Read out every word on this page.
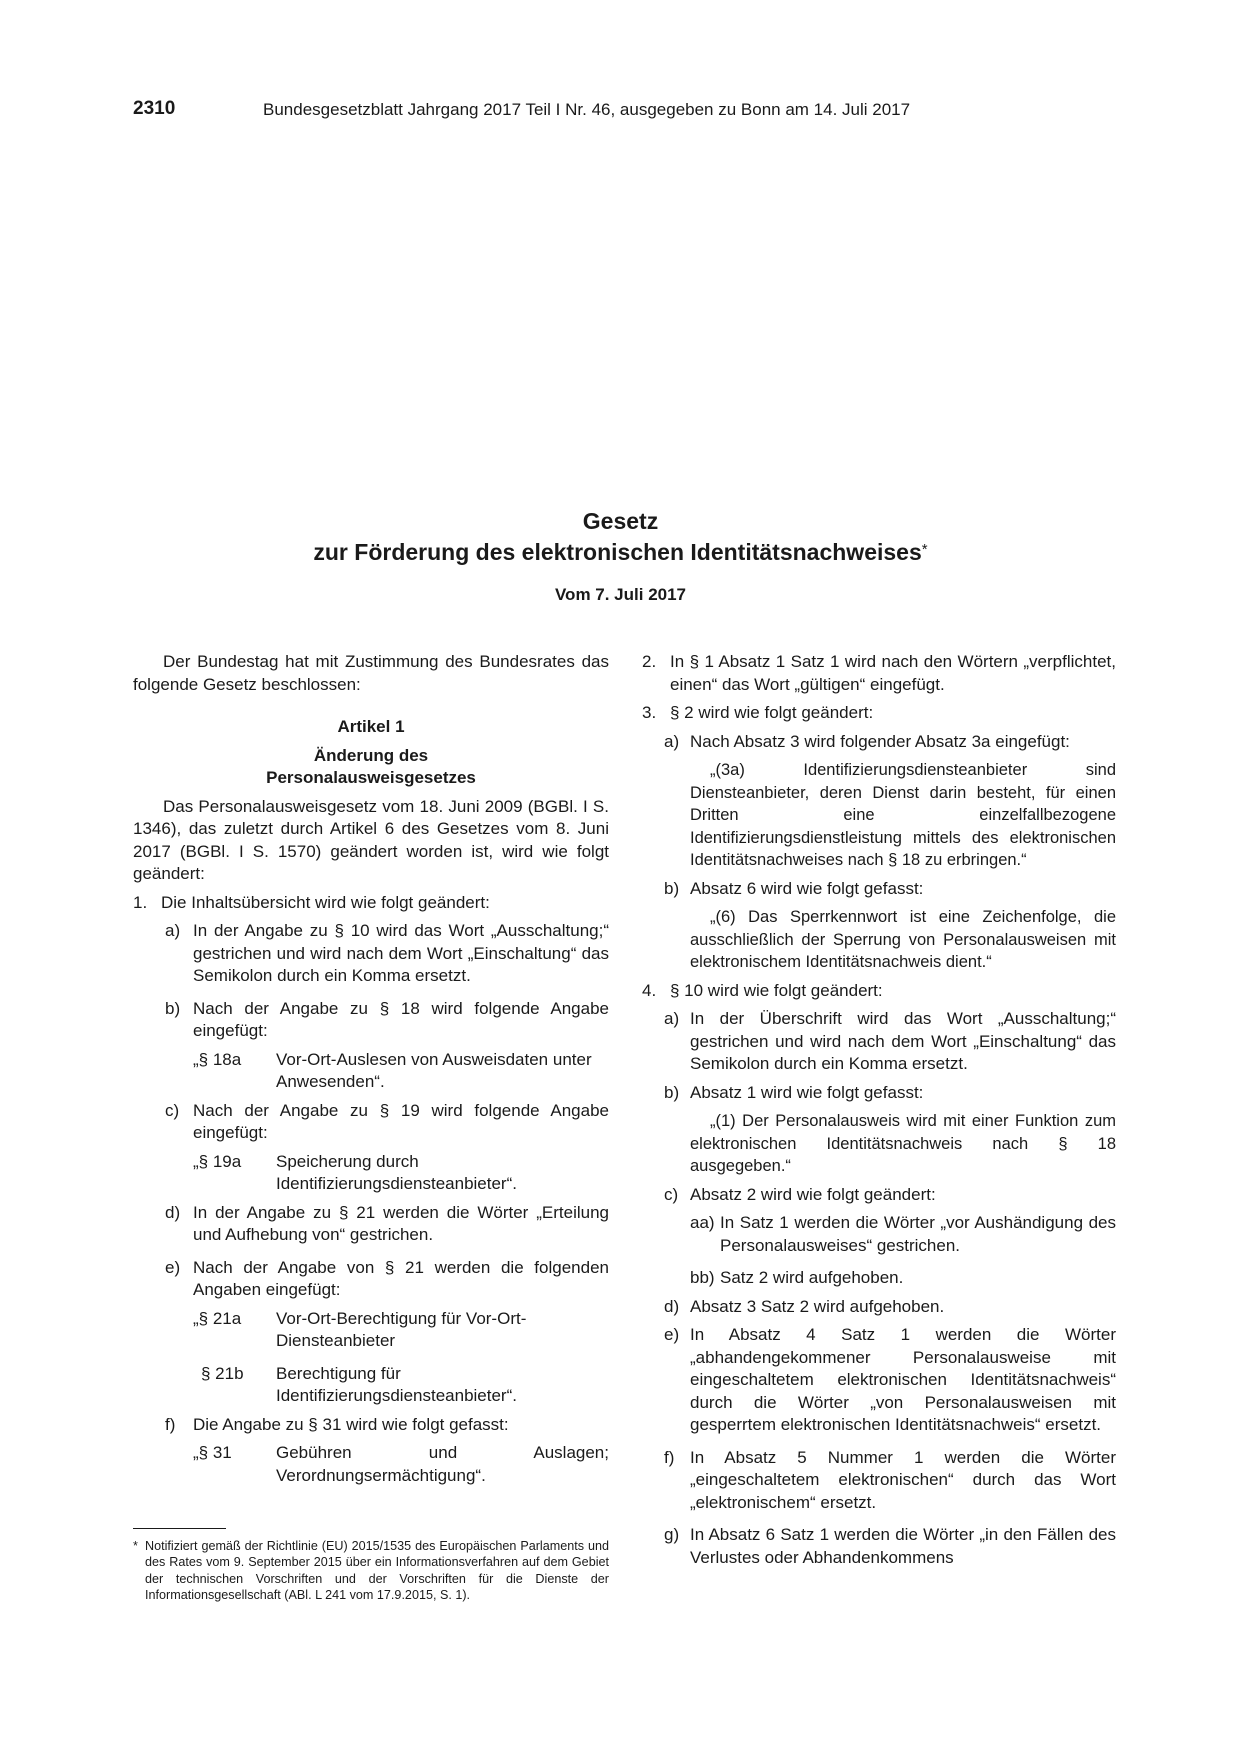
2310	Bundesgesetzblatt Jahrgang 2017 Teil I Nr. 46, ausgegeben zu Bonn am 14. Juli 2017
Gesetz
zur Förderung des elektronischen Identitätsnachweises*
Vom 7. Juli 2017

Der Bundestag hat mit Zustimmung des Bundesrates das folgende Gesetz beschlossen:

Artikel 1

Änderung des

Personalausweisgesetzes

Das Personalausweisgesetz vom 18. Juni 2009 (BGBl. I S. 1346), das zuletzt durch Artikel 6 des Gesetzes vom 8. Juni 2017 (BGBl. I S. 1570) geändert worden ist, wird wie folgt geändert:

1. Die Inhaltsübersicht wird wie folgt geändert:
a) In der Angabe zu § 10 wird das Wort „Ausschaltung;“ gestrichen und wird nach dem Wort „Einschaltung“ das Semikolon durch ein Komma ersetzt.
b) Nach der Angabe zu § 18 wird folgende Angabe eingefügt:
„§ 18a Vor-Ort-Auslesen von Ausweisdaten unter Anwesenden“.
c) Nach der Angabe zu § 19 wird folgende Angabe eingefügt:
„§ 19a Speicherung durch Identifizierungsdiensteanbieter“.
d) In der Angabe zu § 21 werden die Wörter „Erteilung und Aufhebung von“ gestrichen.
e) Nach der Angabe von § 21 werden die folgenden Angaben eingefügt:
„§ 21a Vor-Ort-Berechtigung für Vor-Ort-Diensteanbieter
§ 21b Berechtigung für Identifizierungsdiensteanbieter“.
f) Die Angabe zu § 31 wird wie folgt gefasst:
„§ 31	Gebühren und Auslagen; Verordnungsermächtigung“.
2. In § 1 Absatz 1 Satz 1 wird nach den Wörtern „verpflichtet, einen“ das Wort „gültigen“ eingefügt.
3. § 2 wird wie folgt geändert:
a) Nach Absatz 3 wird folgender Absatz 3a eingefügt:

„(3a) Identifizierungsdiensteanbieter sind Diensteanbieter, deren Dienst darin besteht, für einen Dritten eine einzelfallbezogene Identifizierungsdienstleistung mittels des elektronischen Identitätsnachweises nach § 18 zu erbringen.“

b) Absatz 6 wird wie folgt gefasst:

„(6) Das Sperrkennwort ist eine Zeichenfolge, die ausschließlich der Sperrung von Personalausweisen mit elektronischem Identitätsnachweis dient.“

4. § 10 wird wie folgt geändert:
a) In der Überschrift wird das Wort „Ausschaltung;“ gestrichen und wird nach dem Wort „Einschaltung“ das Semikolon durch ein Komma ersetzt.
b) Absatz 1 wird wie folgt gefasst:

„(1) Der Personalausweis wird mit einer Funktion zum elektronischen Identitätsnachweis nach § 18 ausgegeben.“

c) Absatz 2 wird wie folgt geändert:
aa) In Satz 1 werden die Wörter „vor Aushändigung des Personalausweises“ gestrichen.
bb) Satz 2 wird aufgehoben.
d) Absatz 3 Satz 2 wird aufgehoben.
e) In Absatz 4 Satz 1 werden die Wörter „abhandengekommener Personalausweise mit eingeschaltetem elektronischen Identitätsnachweis“ durch die Wörter „von Personalausweisen mit gesperrtem elektronischen Identitätsnachweis“ ersetzt.
f) In Absatz 5 Nummer 1 werden die Wörter „eingeschaltetem elektronischen“ durch das Wort „elektronischem“ ersetzt.
g) In Absatz 6 Satz 1 werden die Wörter „in den Fällen des Verlustes oder Abhandenkommens
* Notifiziert gemäß der Richtlinie (EU) 2015/1535 des Europäischen Parlaments und des Rates vom 9. September 2015 über ein Informationsverfahren auf dem Gebiet der technischen Vorschriften und der Vorschriften für die Dienste der Informationsgesellschaft (ABl. L 241 vom 17.9.2015, S. 1).
